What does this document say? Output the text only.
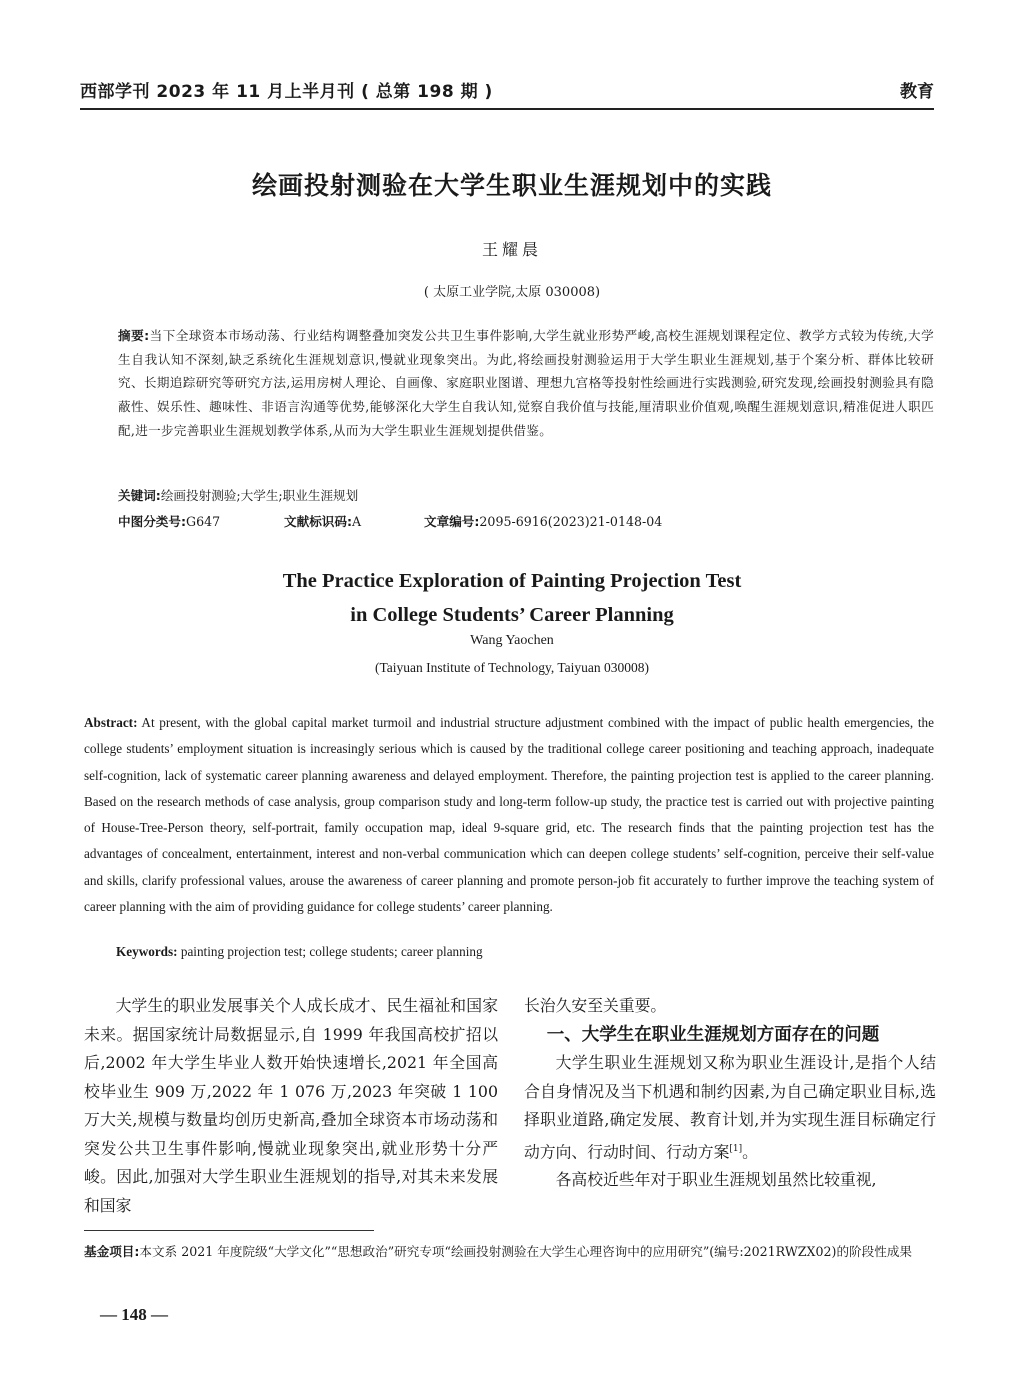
西部学刊 2023 年 11 月上半月刊 ( 总第 198 期 )	教育
绘画投射测验在大学生职业生涯规划中的实践
王耀晨
( 太原工业学院,太原 030008)
摘要:当下全球资本市场动荡、行业结构调整叠加突发公共卫生事件影响,大学生就业形势严峻,高校生涯规划课程定位、教学方式较为传统,大学生自我认知不深刻,缺乏系统化生涯规划意识,慢就业现象突出。为此,将绘画投射测验运用于大学生职业生涯规划,基于个案分析、群体比较研究、长期追踪研究等研究方法,运用房树人理论、自画像、家庭职业图谱、理想九宫格等投射性绘画进行实践测验,研究发现,绘画投射测验具有隐蔽性、娱乐性、趣味性、非语言沟通等优势,能够深化大学生自我认知,觉察自我价值与技能,厘清职业价值观,唤醒生涯规划意识,精准促进人职匹配,进一步完善职业生涯规划教学体系,从而为大学生职业生涯规划提供借鉴。
关键词:绘画投射测验;大学生;职业生涯规划
中图分类号:G647	文献标识码:A	文章编号:2095-6916(2023)21-0148-04
The Practice Exploration of Painting Projection Test
in College Students’ Career Planning
Wang Yaochen
(Taiyuan Institute of Technology, Taiyuan 030008)
Abstract: At present, with the global capital market turmoil and industrial structure adjustment combined with the impact of public health emergencies, the college students’ employment situation is increasingly serious which is caused by the traditional college career positioning and teaching approach, inadequate self-cognition, lack of systematic career planning awareness and delayed employment. Therefore, the painting projection test is applied to the career planning. Based on the research methods of case analysis, group comparison study and long-term follow-up study, the practice test is carried out with projective painting of House-Tree-Person theory, self-portrait, family occupation map, ideal 9-square grid, etc. The research finds that the painting projection test has the advantages of concealment, entertainment, interest and non-verbal communication which can deepen college students’ self-cognition, perceive their self-value and skills, clarify professional values, arouse the awareness of career planning and promote person-job fit accurately to further improve the teaching system of career planning with the aim of providing guidance for college students’ career planning.
Keywords: painting projection test; college students; career planning

大学生的职业发展事关个人成长成才、民生福祉和国家未来。据国家统计局数据显示,自 1999 年我国高校扩招以后,2002 年大学生毕业人数开始快速增长,2021 年全国高校毕业生 909 万,2022 年 1 076 万,2023 年突破 1 100 万大关,规模与数量均创历史新高,叠加全球资本市场动荡和突发公共卫生事件影响,慢就业现象突出,就业形势十分严峻。因此,加强对大学生职业生涯规划的指导,对其未来发展和国家

长治久安至关重要。

一、大学生在职业生涯规划方面存在的问题

大学生职业生涯规划又称为职业生涯设计,是指个人结合自身情况及当下机遇和制约因素,为自己确定职业目标,选择职业道路,确定发展、教育计划,并为实现生涯目标确定行动方向、行动时间、行动方案[1]。

各高校近些年对于职业生涯规划虽然比较重视,

基金项目:本文系 2021 年度院级“大学文化”“思想政治”研究专项“绘画投射测验在大学生心理咨询中的应用研究”(编号:2021RWZX02)的阶段性成果
— 148 —
